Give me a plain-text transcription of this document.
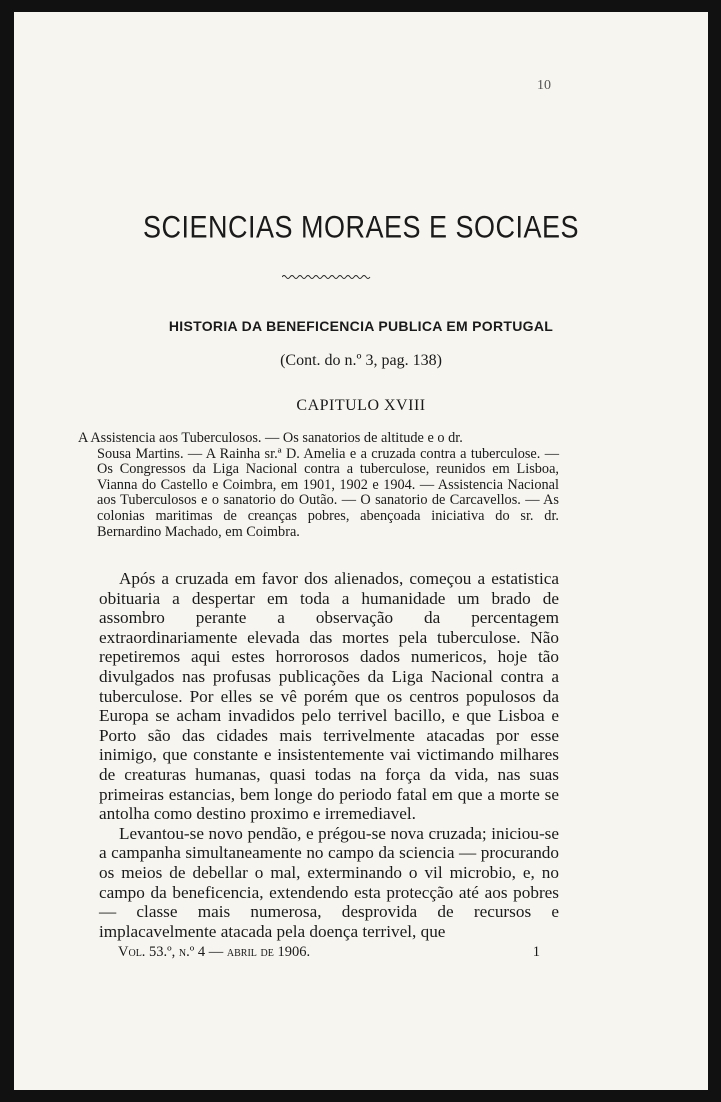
10
SCIENCIAS MORAES E SOCIAES
HISTORIA DA BENEFICENCIA PUBLICA EM PORTUGAL
(Cont. do n.º 3, pag. 138)
CAPITULO XVIII
A Assistencia aos Tuberculosos. — Os sanatorios de altitude e o dr.
Sousa Martins. — A Rainha sr.ª D. Amelia e a cruzada contra a tuberculose. — Os Congressos da Liga Nacional contra a tuberculose, reunidos em Lisboa, Vianna do Castello e Coimbra, em 1901, 1902 e 1904. — Assistencia Nacional aos Tuberculosos e o sanatorio do Outão. — O sanatorio de Carcavellos. — As colonias maritimas de creanças pobres, abençoada iniciativa do sr. dr. Bernardino Machado, em Coimbra.

Após a cruzada em favor dos alienados, começou a estatistica obituaria a despertar em toda a humanidade um brado de assombro perante a observação da percentagem extraordinariamente elevada das mortes pela tuberculose. Não repetiremos aqui estes horrorosos dados numericos, hoje tão divulgados nas profusas publicações da Liga Nacional contra a tuberculose. Por elles se vê porém que os centros populosos da Europa se acham invadidos pelo terrivel bacillo, e que Lisboa e Porto são das cidades mais terrivelmente atacadas por esse inimigo, que constante e insistentemente vai victimando milhares de creaturas humanas, quasi todas na força da vida, nas suas primeiras estancias, bem longe do periodo fatal em que a morte se antolha como destino proximo e irremediavel.

Levantou-se novo pendão, e prégou-se nova cruzada; iniciou-se a campanha simultaneamente no campo da sciencia — procurando os meios de debellar o mal, exterminando o vil microbio, e, no campo da beneficencia, extendendo esta protecção até aos pobres — classe mais numerosa, desprovida de recursos e implacavelmente atacada pela doença terrivel, que

Vol. 53.º, n.º 4 — abril de 1906.	1
